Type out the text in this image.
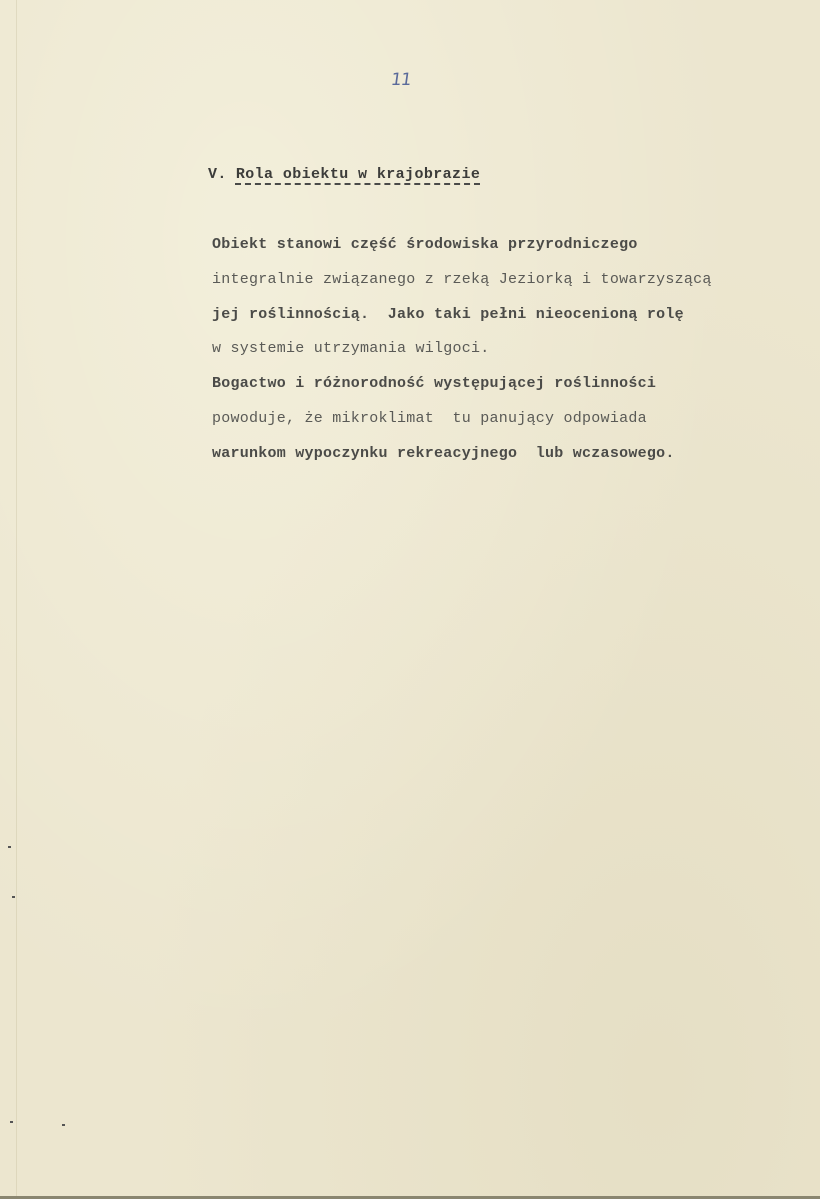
11
V. Rola obiektu w krajobrazie
Obiekt stanowi część środowiska przyrodniczego
integralnie związanego z rzeką Jeziorką i towarzyszącą
jej roślinnością.  Jako taki pełni nieocenioną rolę
w systemie utrzymania wilgoci.
Bogactwo i różnorodność występującej roślinności
powoduje, że mikroklimat  tu panujący odpowiada
warunkom wypoczynku rekreacyjnego  lub wczasowego.
